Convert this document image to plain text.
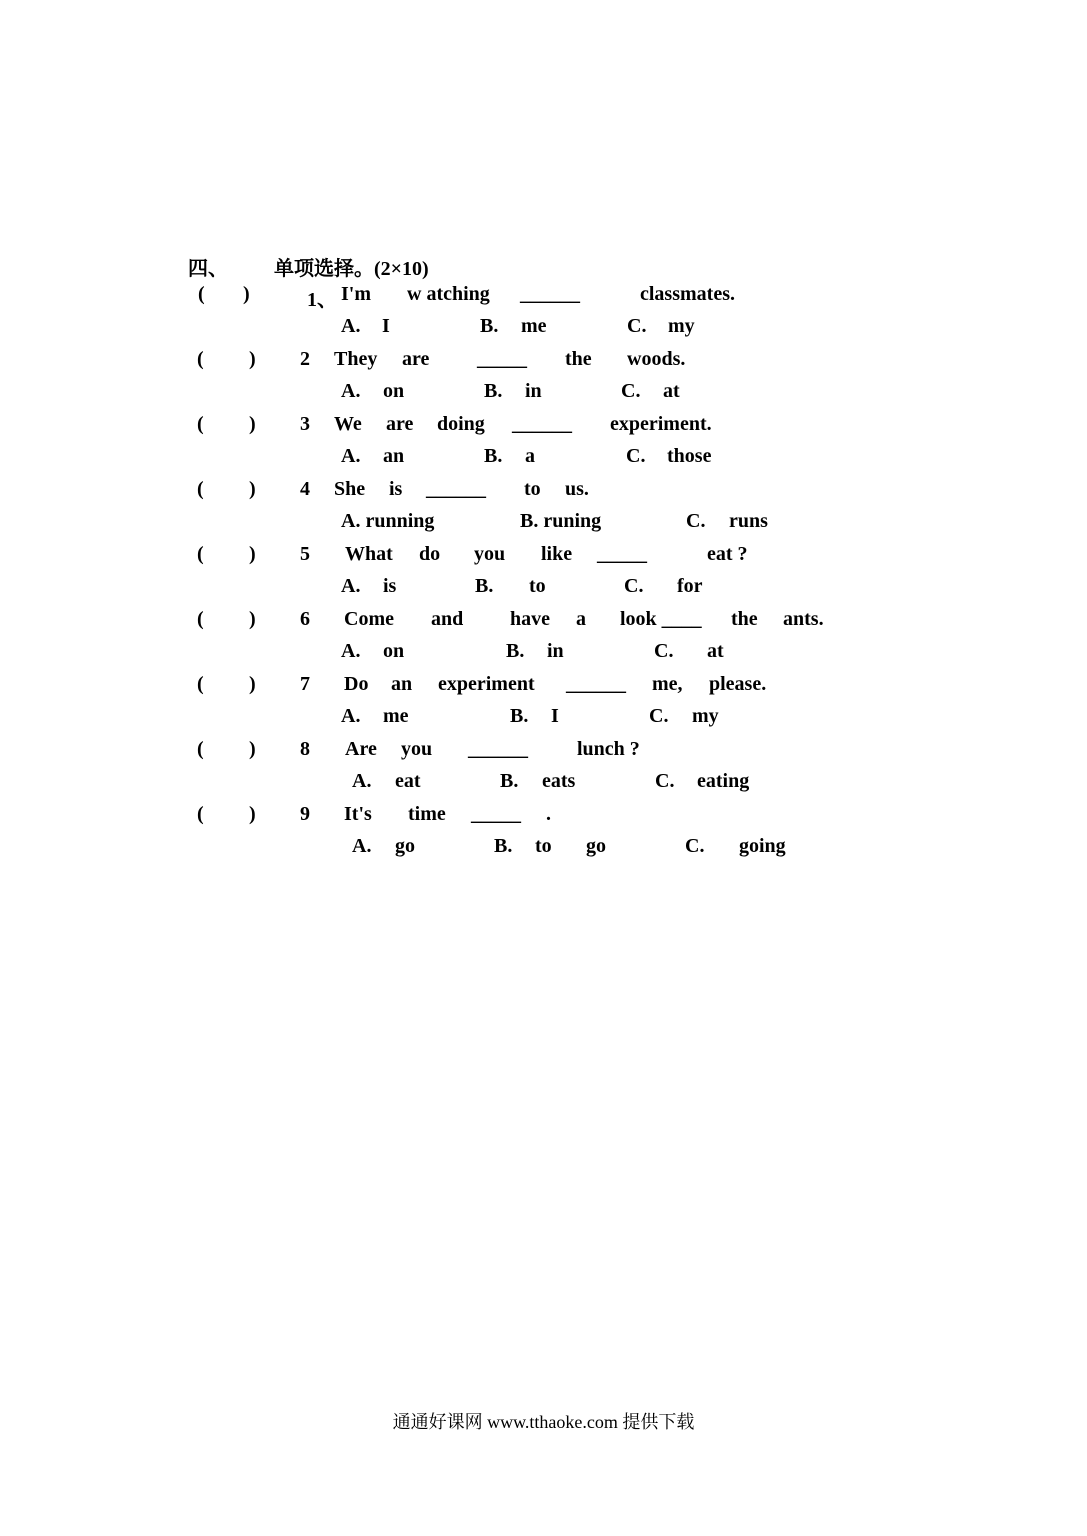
四、 单项选择。(2×10)
( )	1、 I'm w atching ______	classmates.
A. I	B. me	C. my
( ) 2 They are _____ the woods.
A. on	B. in	C. at
( ) 3 We are doing ______ experiment.
A. an	B. a	C. those
( ) 4 She is ______ to us.
A. running	B. runing	C. runs
( ) 5 What do you like _____	eat ?
A. is	B. to	C. for
( ) 6 Come and have a look ____ the ants.
A. on	B. in	C. at
( ) 7 Do an experiment ______ me, please.
A. me	B. I	C. my
( ) 8 Are you ______ lunch ?
A. eat	B. eats	C. eating
( ) 9 It's time _____ .
A. go	B. to go	C. going
通通好课网 www.tthaoke.com 提供下载
